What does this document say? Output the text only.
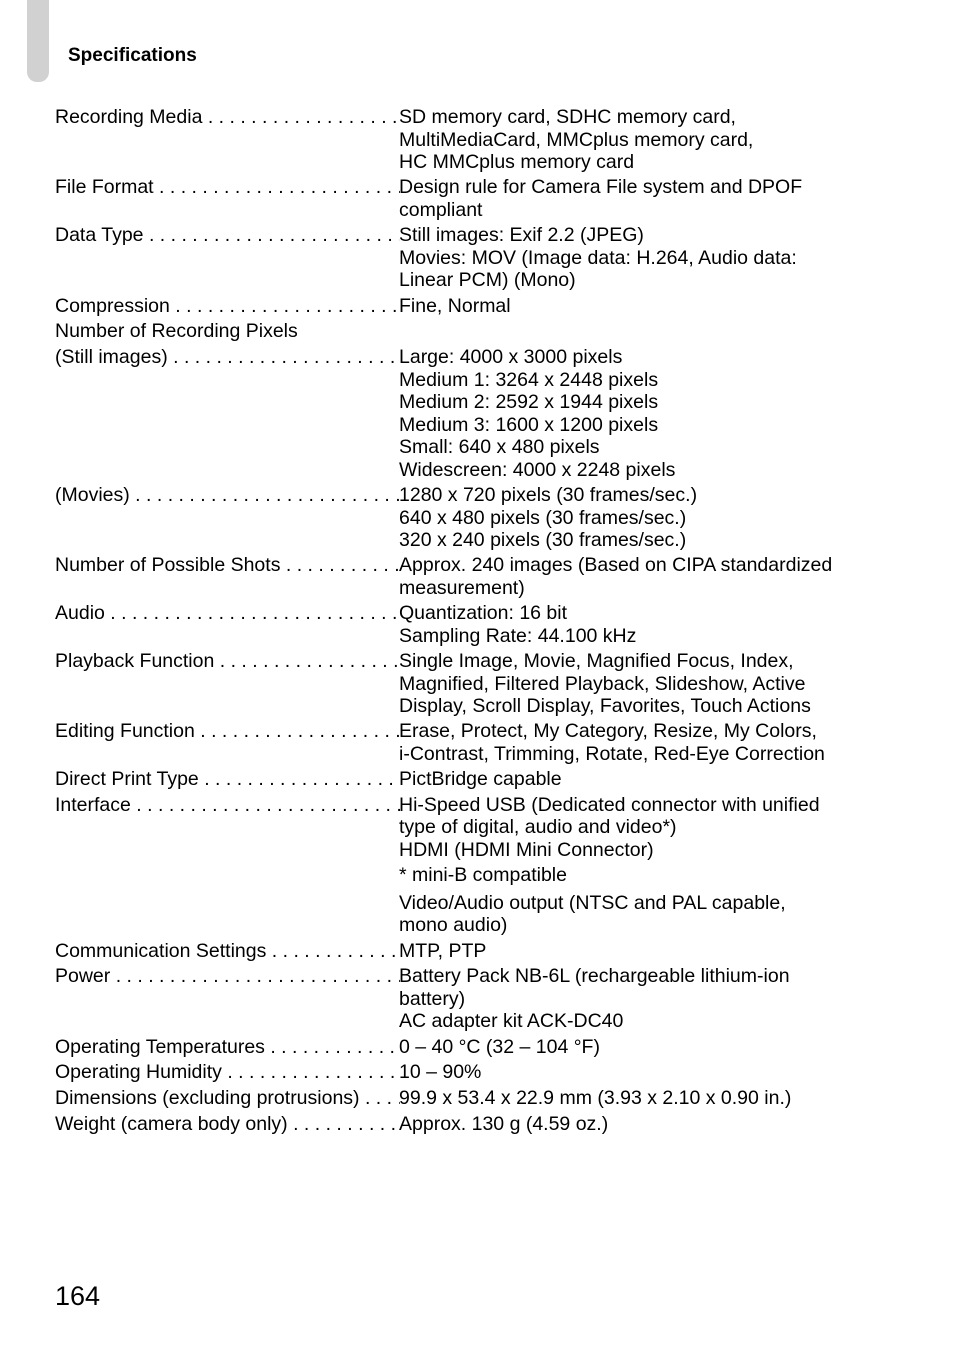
Specifications
Recording Media . . .	SD memory card, SDHC memory card,
MultiMediaCard, MMCplus memory card,
HC MMCplus memory card
File Format . . .	Design rule for Camera File system and DPOF
compliant
Data Type . . .	Still images: Exif 2.2 (JPEG)
Movies: MOV (Image data: H.264, Audio data:
Linear PCM) (Mono)
Compression . . .	Fine, Normal
Number of Recording Pixels
(Still images) . . .	Large: 4000 x 3000 pixels
Medium 1: 3264 x 2448 pixels
Medium 2: 2592 x 1944 pixels
Medium 3: 1600 x 1200 pixels
Small: 640 x 480 pixels
Widescreen: 4000 x 2248 pixels
(Movies) . . .	1280 x 720 pixels (30 frames/sec.)
640 x 480 pixels (30 frames/sec.)
320 x 240 pixels (30 frames/sec.)
Number of Possible Shots . . .	Approx. 240 images (Based on CIPA standardized
measurement)
Audio . . .	Quantization: 16 bit
Sampling Rate: 44.100 kHz
Playback Function . . .	Single Image, Movie, Magnified Focus, Index,
Magnified, Filtered Playback, Slideshow, Active
Display, Scroll Display, Favorites, Touch Actions
Editing Function . . .	Erase, Protect, My Category, Resize, My Colors,
i-Contrast, Trimming, Rotate, Red-Eye Correction
Direct Print Type . . .	PictBridge capable
Interface . . .	Hi-Speed USB (Dedicated connector with unified
type of digital, audio and video*)
HDMI (HDMI Mini Connector)
* mini-B compatible
Video/Audio output (NTSC and PAL capable,
mono audio)
Communication Settings . . .	MTP, PTP
Power . . .	Battery Pack NB-6L (rechargeable lithium-ion
battery)
AC adapter kit ACK-DC40
Operating Temperatures . . .	0 – 40 °C (32 – 104 °F)
Operating Humidity . . .	10 – 90%
Dimensions (excluding protrusions) . . .	99.9 x 53.4 x 22.9 mm (3.93 x 2.10 x 0.90 in.)
Weight (camera body only) . . .	Approx. 130 g (4.59 oz.)
164
